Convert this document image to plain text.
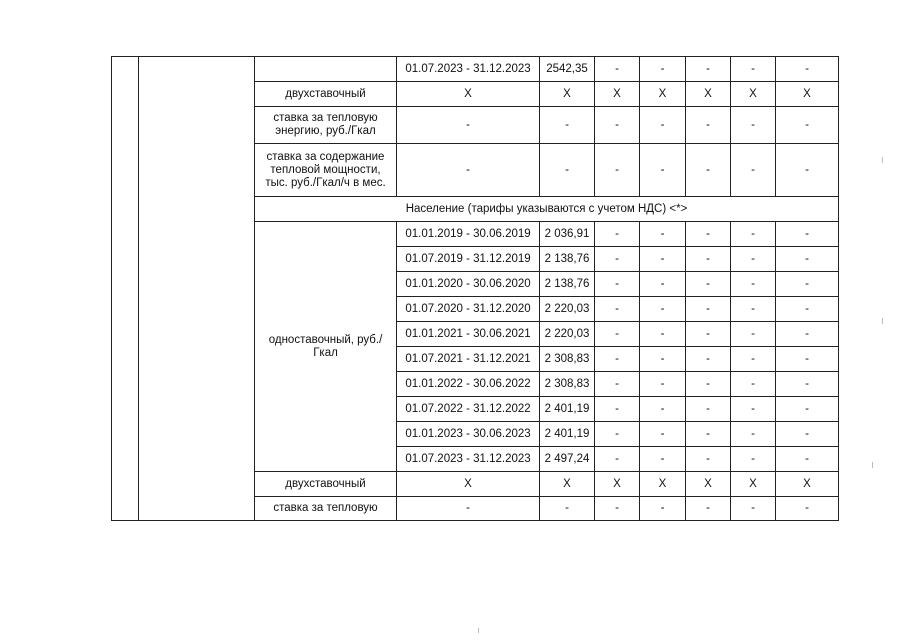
			01.07.2023 - 31.12.2023	2542,35	-	-	-	-	-
		двухставочный	X	X	X	X	X	X	X
		ставка за тепловую энергию, руб./Гкал	-	-	-	-	-	-	-
		ставка за содержание тепловой мощности, тыс. руб./Гкал/ч в мес.	-	-	-	-	-	-	-
		Население (тарифы указываются с учетом НДС) <*>							
		одноставочный, руб./Гкал	01.01.2019 - 30.06.2019	2 036,91	-	-	-	-	-
			01.07.2019 - 31.12.2019	2 138,76	-	-	-	-	-
			01.01.2020 - 30.06.2020	2 138,76	-	-	-	-	-
			01.07.2020 - 31.12.2020	2 220,03	-	-	-	-	-
			01.01.2021 - 30.06.2021	2 220,03	-	-	-	-	-
			01.07.2021 - 31.12.2021	2 308,83	-	-	-	-	-
			01.01.2022 - 30.06.2022	2 308,83	-	-	-	-	-
			01.07.2022 - 31.12.2022	2 401,19	-	-	-	-	-
			01.01.2023 - 30.06.2023	2 401,19	-	-	-	-	-
			01.07.2023 - 31.12.2023	2 497,24	-	-	-	-	-
		двухставочный	X	X	X	X	X	X	X
		ставка за тепловую	-	-	-	-	-	-	-
